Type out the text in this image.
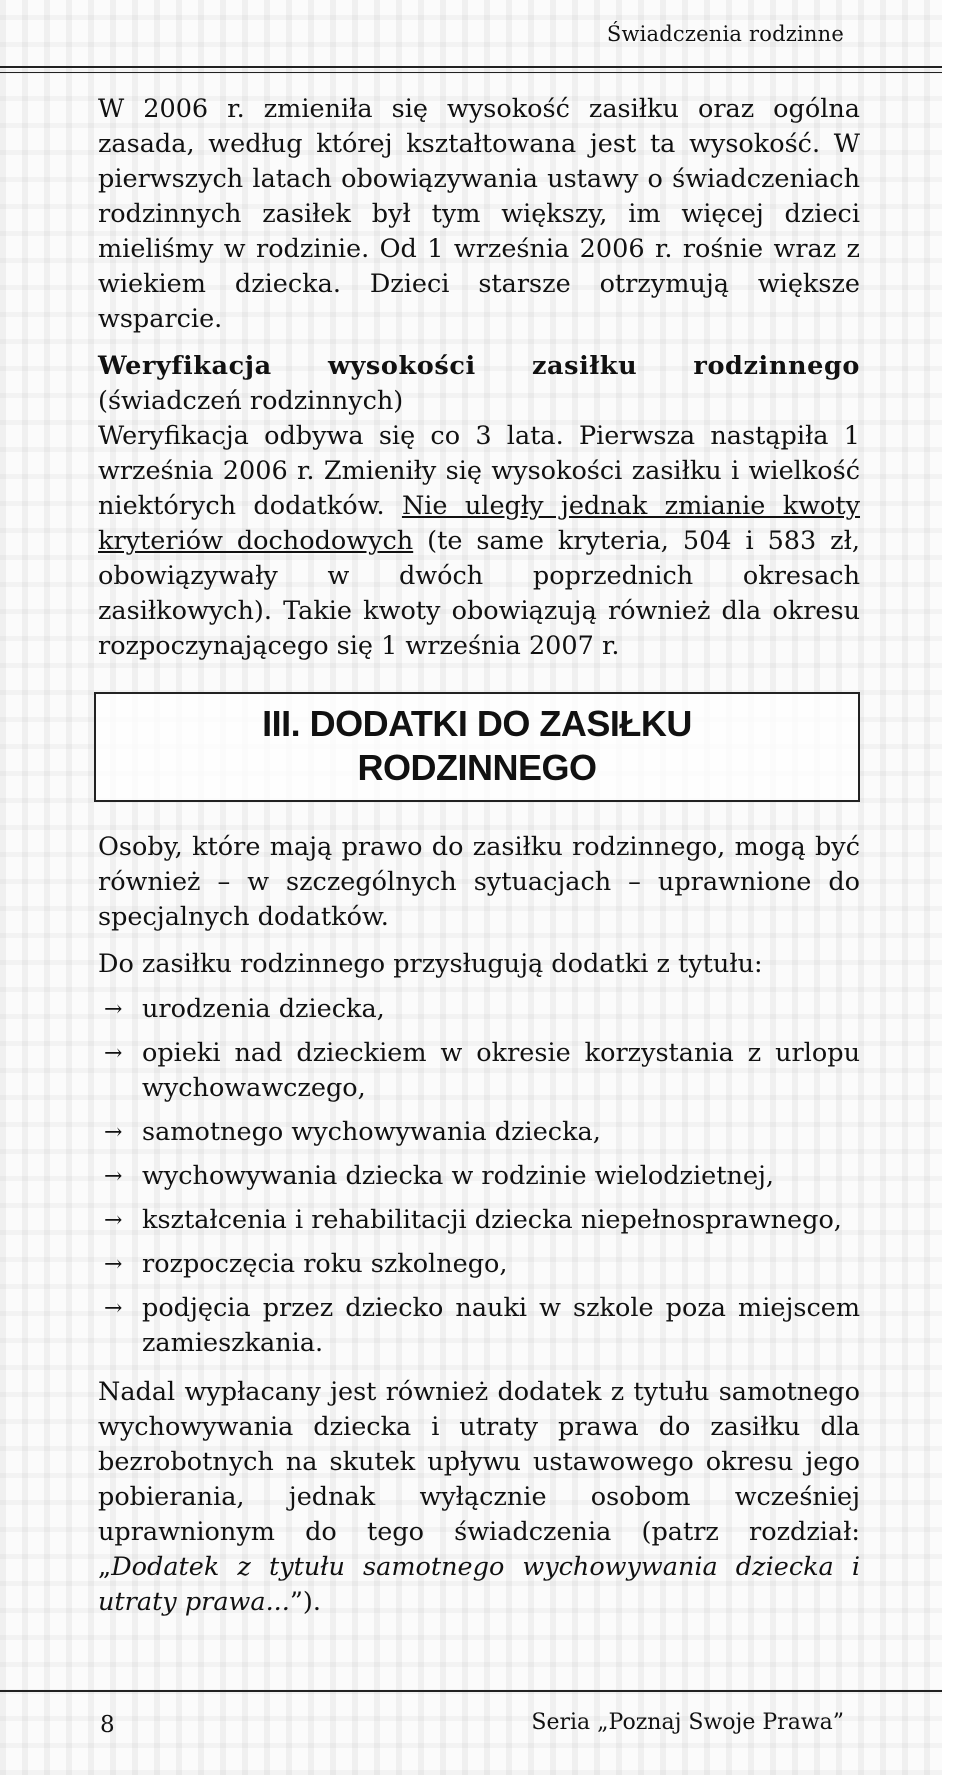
Świadczenia rodzinne

W 2006 r. zmieniła się wysokość zasiłku oraz ogólna zasada, według której kształtowana jest ta wysokość. W pierwszych latach obowiązywania ustawy o świadczeniach rodzinnych zasiłek był tym większy, im więcej dzieci mieliśmy w rodzinie. Od 1 września 2006 r. rośnie wraz z wiekiem dziecka. Dzieci starsze otrzymują większe wsparcie.

Weryfikacja wysokości zasiłku rodzinnego

(świadczeń rodzinnych)

Weryfikacja odbywa się co 3 lata. Pierwsza nastąpiła 1 września 2006 r. Zmieniły się wysokości zasiłku i wielkość niektórych dodatków. Nie uległy jednak zmianie kwoty kryteriów dochodowych (te same kryteria, 504 i 583 zł, obowiązywały w dwóch poprzednich okresach zasiłkowych). Takie kwoty obowiązują również dla okresu rozpoczynającego się 1 września 2007 r.

III. DODATKI DO ZASIŁKU
RODZINNEGO

Osoby, które mają prawo do zasiłku rodzinnego, mogą być również – w szczególnych sytuacjach – uprawnione do specjalnych dodatków.

Do zasiłku rodzinnego przysługują dodatki z tytułu:

→ urodzenia dziecka,
→ opieki nad dzieckiem w okresie korzystania z urlopu wychowawczego,
→ samotnego wychowywania dziecka,
→ wychowywania dziecka w rodzinie wielodzietnej,
→ kształcenia i rehabilitacji dziecka niepełnosprawnego,
→ rozpoczęcia roku szkolnego,
→ podjęcia przez dziecko nauki w szkole poza miejscem zamieszkania.

Nadal wypłacany jest również dodatek z tytułu samotnego wychowywania dziecka i utraty prawa do zasiłku dla bezrobotnych na skutek upływu ustawowego okresu jego pobierania, jednak wyłącznie osobom wcześniej uprawnionym do tego świadczenia (patrz rozdział: „Dodatek z tytułu samotnego wychowywania dziecka i utraty prawa...”).

8	Seria „Poznaj Swoje Prawa”
